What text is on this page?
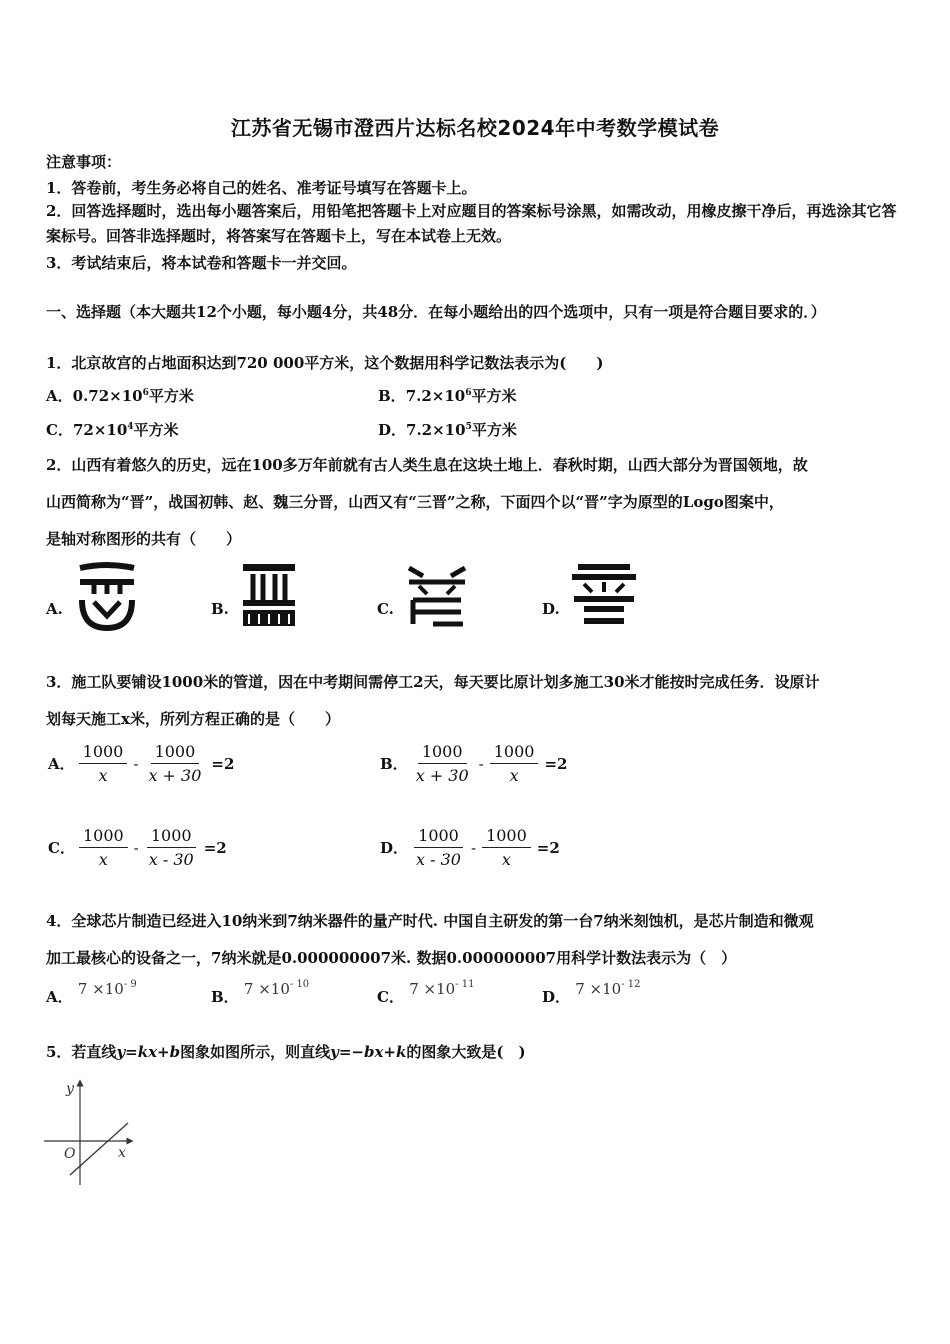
江苏省无锡市澄西片达标名校2024年中考数学模试卷
注意事项：
1．答卷前，考生务必将自己的姓名、准考证号填写在答题卡上。
2．回答选择题时，选出每小题答案后，用铅笔把答题卡上对应题目的答案标号涂黑，如需改动，用橡皮擦干净后，再选涂其它答案标号。回答非选择题时，将答案写在答题卡上，写在本试卷上无效。
3．考试结束后，将本试卷和答题卡一并交回。
一、选择题（本大题共12个小题，每小题4分，共48分．在每小题给出的四个选项中，只有一项是符合题目要求的．）
1．北京故宫的占地面积达到720 000平方米，这个数据用科学记数法表示为(　　)
A．$0.72\times 10^6$平方米	B．$7.2\times 10^6$平方米
C．$72\times 10^4$平方米	D．$7.2\times 10^5$平方米
2．山西有着悠久的历史，远在100多万年前就有古人类生息在这块土地上．春秋时期，山西大部分为晋国领地，故
山西简称为“晋”，战国初韩、赵、魏三分晋，山西又有“三晋”之称，下面四个以“晋”字为原型的Logo图案中，
是轴对称图形的共有（　　）
A.	B.	C.	D.
3．施工队要铺设1000米的管道，因在中考期间需停工2天，每天要比原计划多施工30米才能按时完成任务．设原计
划每天施工x米，所列方程正确的是（　　）
A． $\frac{1000}{x} - \frac{1000}{x + 30} =2$	B． $\frac{1000}{x + 30} - \frac{1000}{x} =2$
C． $\frac{1000}{x} - \frac{1000}{x - 30} =2$	D． $\frac{1000}{x - 30} - \frac{1000}{x} =2$
4．全球芯片制造已经进入10纳米到7纳米器件的量产时代. 中国自主研发的第一台7纳米刻蚀机，是芯片制造和微观
加工最核心的设备之一，7纳米就是0.000000007米. 数据0.000000007用科学计数法表示为（　）
A． $7 \times 10^{- 9}$
B． $7 \times 10^{- 10}$
C． $7 \times 10^{- 11}$
D． $7 \times 10^{- 12}$
5．若直线y=kx+b图象如图所示，则直线y=−bx+k的图象大致是(　)
y
x
O
